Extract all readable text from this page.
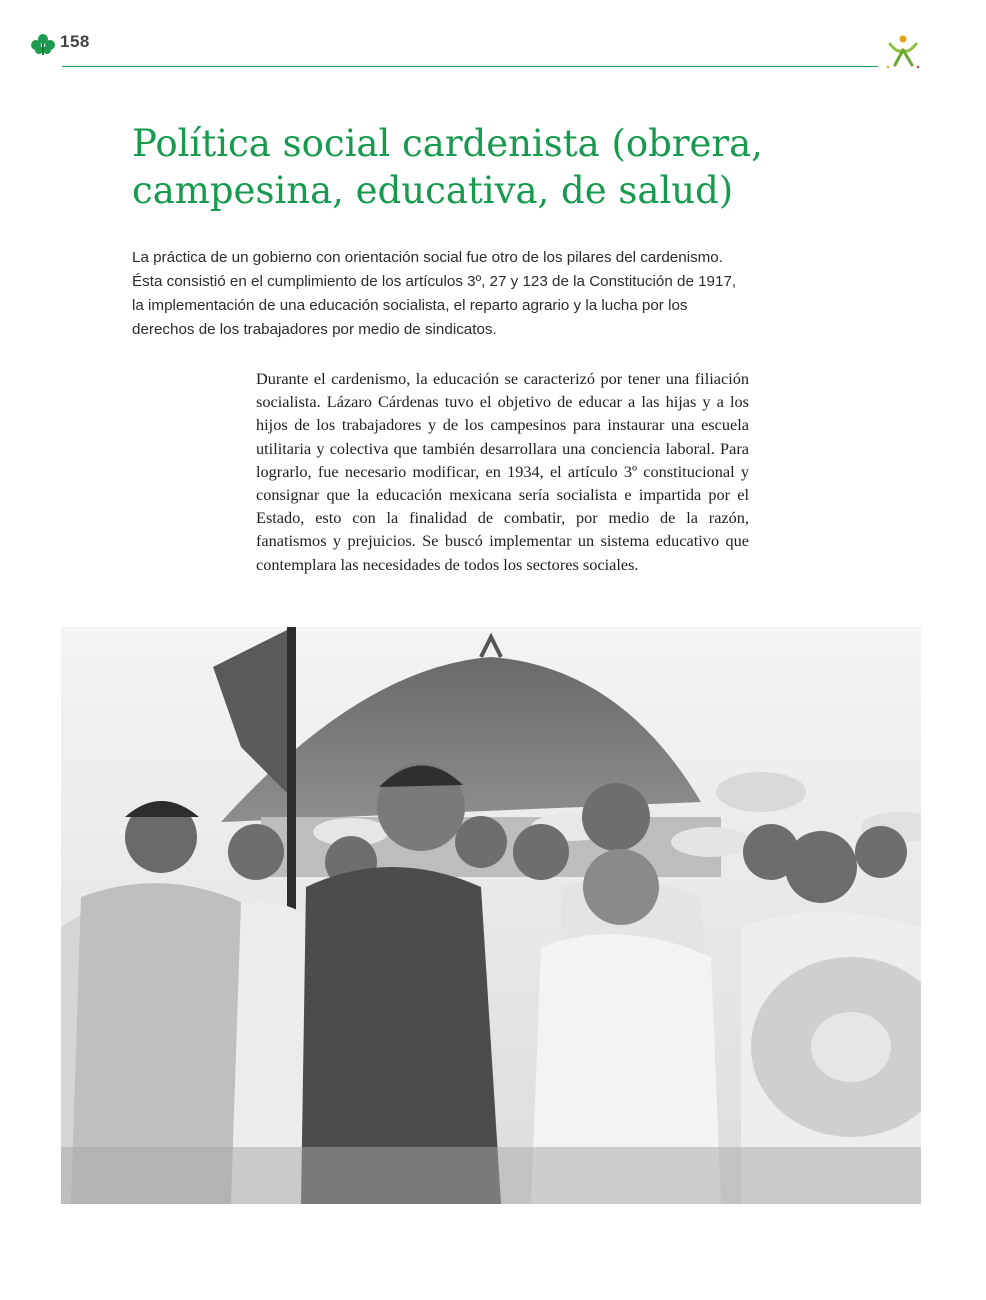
158
Política social cardenista (obrera, campesina, educativa, de salud)

La práctica de un gobierno con orientación social fue otro de los pilares del cardenismo. Ésta consistió en el cumplimiento de los artículos 3º, 27 y 123 de la Constitución de 1917, la implementación de una educación socialista, el reparto agrario y la lucha por los derechos de los trabajadores por medio de sindicatos.

Durante el cardenismo, la educación se caracterizó por tener una filiación socialista. Lázaro Cárdenas tuvo el objetivo de educar a las hijas y a los hijos de los trabajadores y de los campesinos para instaurar una escuela utilitaria y colectiva que también desarrollara una conciencia laboral. Para lograrlo, fue necesario modificar, en 1934, el artículo 3º constitucional y consignar que la educación mexicana sería socialista e impartida por el Estado, esto con la finalidad de combatir, por medio de la razón, fanatismos y prejuicios. Se buscó implementar un sistema educativo que contemplara las necesidades de todos los sectores sociales.
